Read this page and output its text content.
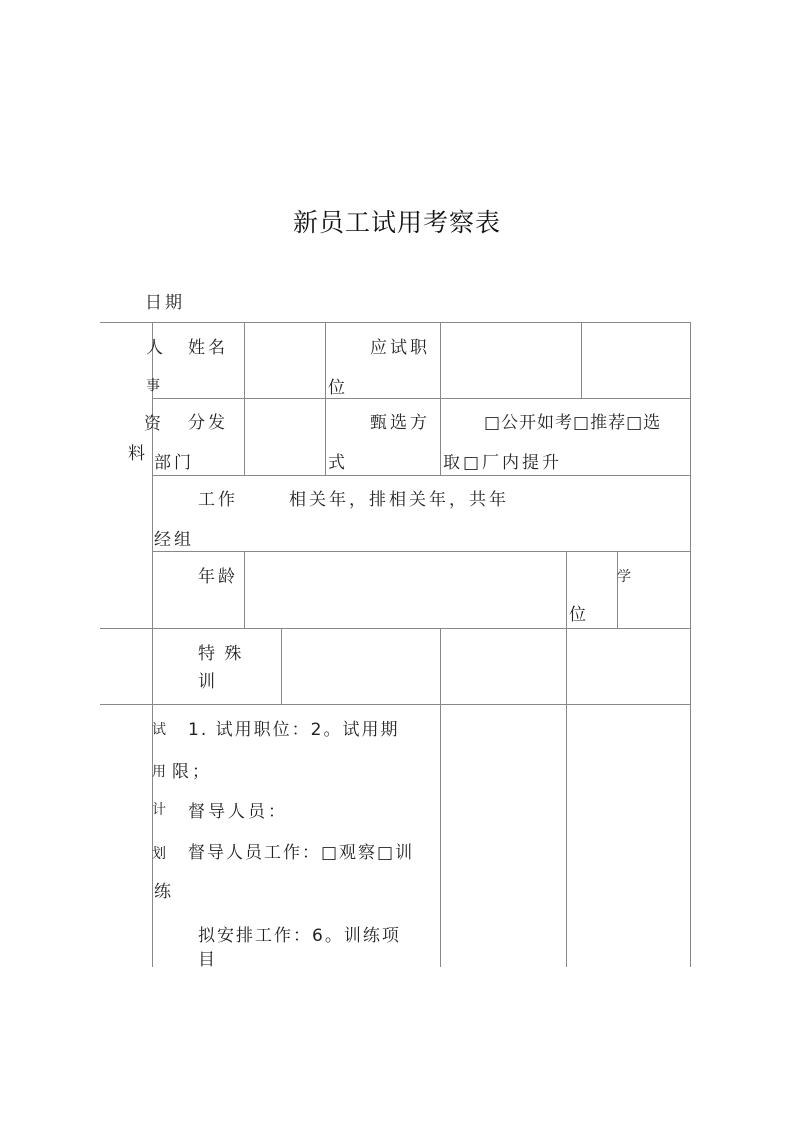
新员工试用考察表
日期
人
事
资
料
姓名	应试职
位
分发
部门
甄选方
式
□公开如考□推荐□选
取□厂内提升
工作
经组
相关年，排相关年，共年
年龄	学
位
特 殊
训
试
用
计
划
练
1. 试用职位：2。试用期
限；
督导人员：
督导人员工作：□观察□训
拟安排工作：6。训练项
目
